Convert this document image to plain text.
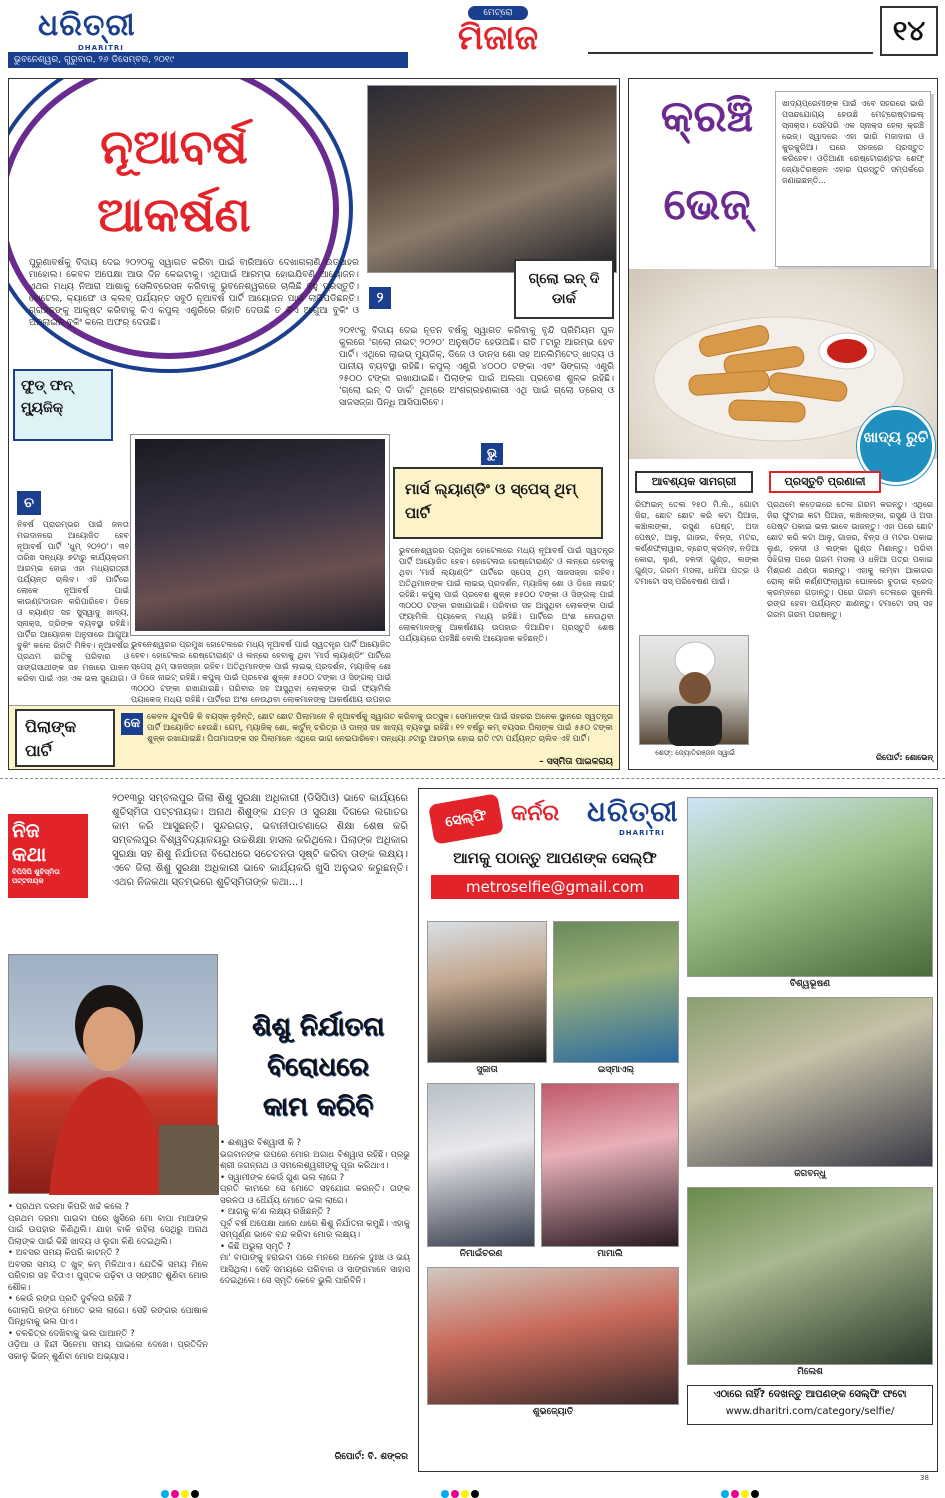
ଧରିତ୍ରୀ
DHARITRI
ଭୁବନେଶ୍ୱର, ଗୁରୁବାର, ୨୬ ଡିସେମ୍ବର, ୨୦୧୯
ମେଟ୍ରୋ
ମିଜାଜ	୧୪
ନୂଆବର୍ଷ
ଆକର୍ଷଣ
ପୁରୁଣାବର୍ଷକୁ ବିଦାୟ ଦେଇ ୨୦୨୦କୁ ସ୍ୱାଗତ କରିବା ପାଇଁ ବାରିଆଡେ ଦେଖାଗଲାଣି ଉତ୍ସାହର ମାହୋଲ। କେବଳ ଅପେକ୍ଷା ଆଉ ଦିନ କେଇଟାକୁ। ଏଥିପାଇଁ ଆରମ୍ଭ ହୋଇଯିବଣି ଆୟୋଜନ। ଏଥର ମଧ୍ୟ ନିଆରା ଆଶାକୁ ସେଲିବ୍ରେସନ କରିବାକୁ ଭୁବନେଶ୍ୱରରେ ଚାଲିଛି ବହୁ ପ୍ରସ୍ତୁତି। ହୋଟେଲ, କ୍ୟାଫେ ଓ କ୍ଲବ୍ ପର୍ଯ୍ୟନ୍ତ ସବୁଠି ନୂଆବର୍ଷ ପାର୍ଟି ଆୟୋଜନ ପାଇଁ ଲାଗିପଡିଛନ୍ତି। ଗ୍ରାହକଙ୍କୁ ଆକୃଷ୍ଟ କରିବାକୁ କିଏ କପୁଲ୍ ଏଣ୍ଟ୍ରିରେ ରିହାତି ଦେଉଛି ତ କିଏ ଆଗୁଆ ବୁକିଂ ଓ ଅନଲାଇନ୍ ବୁକିଂ କଲେ ଅଫର୍ ଦେଉଛି।
ଗ୍ଲୋ ଇନ୍ ଦି ଡାର୍କ
୨
୨୦୧୯କୁ ବିଦାୟ ଦେଇ ନୂତନ ବର୍ଷକୁ ସ୍ୱାଗତ କରିବାକୁ ବୃନ୍ଦି ପ୍ରିମିୟମ ପୁଳ କୁଲରେ 'ଗ୍ଲୋ ନାଇଟ୍ ୨୦୨୦' ଅନୁଷ୍ଠିତ ହେଉଅଛି। ରାତି ୮ଟାରୁ ଆରମ୍ଭ ହେବ ପାର୍ଟି। ଏଥିରେ ଲାଇଭ୍ ମ୍ୟୁଜିକ୍, ଡିଜେ ଓ ଡାନ୍ସ ଶୋ ସହ ଅନଲିମିଟେଡ୍ ଖାଦ୍ୟ ଓ ପାନୀୟ ବ୍ୟବସ୍ଥା ରହିଛି। କପୁଲ୍ ଏଣ୍ଟ୍ରି ୪୦୦୦ ଟଙ୍କା ଏବଂ ସିଙ୍ଗଲ୍ ଏଣ୍ଟ୍ରି ୨୫୦୦ ଟଙ୍କା ରଖାଯାଇଛି। ପିଲାଙ୍କ ପାଇଁ ଅଲଗା ପ୍ରବେଶ ଶୁଳ୍କ ରହିଛି। 'ଗ୍ଲୋ ଇନ୍ ଦି ଡାର୍କ' ଥିମ୍‌ରେ ଅଂଶଗ୍ରହଣକାରୀ ଏଥି ପାଇଁ ଗ୍ଲୋ ଡ୍ରେସ୍ ଓ ସାଜସଜ୍ଜା ପିନ୍ଧି ଆସିପାରିବେ।
ଫୁଡ୍ ଫନ୍ ମ୍ୟୁଜିକ୍
ମାର୍ସ ଲ୍ୟାଣ୍ଡିଂ ଓ ସ୍ପେସ୍ ଥିମ୍ ପାର୍ଟି
ଚ
ନିବର୍ଷ ପ୍ରାରମ୍ଭର ପାଇଁ ଜନତା ମଇଦାନରେ ଆୟୋଜିତ ହେବ ନୂଆବର୍ଷ ପାର୍ଟି 'ଧୁମ୍ ୨୦୨୦'। ୩୧ ତାରିଖ ସନ୍ଧ୍ୟା ୭ଟାରୁ କାର୍ଯ୍ୟକ୍ରମ ଆରମ୍ଭ ହୋଇ ଏହା ମଧ୍ୟରାତ୍ରୀ ପର୍ଯ୍ୟନ୍ତ ଚାଲିବ। ଏହି ପାର୍ଟିରେ ଲୋକେ ନୂଆବର୍ଷ ପାଇଁ କାଉଣ୍ଟଡାଉନ କରିପାରିବେ। ଡିଜେ ଓ ବ୍ୟାଣ୍ଡ ସହ ସୁସ୍ୱାଦୁ ଖାଦ୍ୟ, ସ୍ନାକ୍ସ, ଡ୍ରିଙ୍କ ବ୍ୟବସ୍ଥା ରହିଛି। ପାର୍ଟିର ଆୟୋଜକ ଅନୁସାରେ ଆଗୁଆ ବୁକିଂ କଲେ ରିହାତି ମିଳିବ। ନୂଆବର୍ଷର ପ୍ରଥମ ରାତିକୁ ପରିବାର ଓ ସାଙ୍ଗସାଥୀଙ୍କ ସହ ମଜାରେ ପାଳନ କରିବା ପାଇଁ ଏହା ଏକ ଭଲ ସୁଯୋଗ।
ଭୁ
ଭୁବନେଶ୍ୱରର ପ୍ରମୁଖ ହୋଟେଲରେ ମଧ୍ୟ ନୂଆବର୍ଷ ପାଇଁ ସ୍ୱତନ୍ତ୍ର ପାର୍ଟି ଆୟୋଜିତ ହେବ। ହୋଟେଲର ରେଷ୍ଟୋରାଣ୍ଟ ଓ ଲନ୍‌ରେ ହେବାକୁ ଥିବା 'ମାର୍ସ ଲ୍ୟାଣ୍ଡିଂ' ପାର୍ଟିରେ ସ୍ପେସ୍ ଥିମ୍ ସାଜସଜ୍ଜା ରହିବ। ଅତିଥିମାନଙ୍କ ପାଇଁ ଲାଇଭ୍ ପ୍ରଦର୍ଶନ, ମ୍ୟାଜିକ୍ ଶୋ ଓ ଡିଜେ ନାଇଟ୍ ରହିଛି। କପୁଲ୍ ପାଇଁ ପ୍ରବେଶ ଶୁଳ୍କ ୫୫୦୦ ଟଙ୍କା ଓ ସିଙ୍ଗଲ୍ ପାଇଁ ୩୦୦୦ ଟଙ୍କା ରଖାଯାଇଛି। ପରିବାର ସହ ଆସୁଥିବା ଲୋକଙ୍କ ପାଇଁ ଫ୍ୟାମିଲି ପ୍ୟାକେଜ୍ ମଧ୍ୟ ରହିଛି। ପାର୍ଟିରେ ଅଂଶ ନେଉଥିବା ଲୋକମାନଙ୍କୁ ଆକର୍ଷଣୀୟ ଉପହାର ଦିଆଯିବ। ପ୍ରସ୍ତୁତି ଶେଷ ପର୍ଯ୍ୟାୟରେ ପହଞ୍ଚିଛି ବୋଲି ଆୟୋଜକ କହିଛନ୍ତି।
ଭୁବନେଶ୍ୱରର ପ୍ରମୁଖ ହୋଟେଲରେ ମଧ୍ୟ ନୂଆବର୍ଷ ପାଇଁ ସ୍ୱତନ୍ତ୍ର ପାର୍ଟି ଆୟୋଜିତ ହେବ। ହୋଟେଲର ରେଷ୍ଟୋରାଣ୍ଟ ଓ ଲନ୍‌ରେ ହେବାକୁ ଥିବା 'ମାର୍ସ ଲ୍ୟାଣ୍ଡିଂ' ପାର୍ଟିରେ ସ୍ପେସ୍ ଥିମ୍ ସାଜସଜ୍ଜା ରହିବ। ଅତିଥିମାନଙ୍କ ପାଇଁ ଲାଇଭ୍ ପ୍ରଦର୍ଶନ, ମ୍ୟାଜିକ୍ ଶୋ ଓ ଡିଜେ ନାଇଟ୍ ରହିଛି। କପୁଲ୍ ପାଇଁ ପ୍ରବେଶ ଶୁଳ୍କ ୫୫୦୦ ଟଙ୍କା ଓ ସିଙ୍ଗଲ୍ ପାଇଁ ୩୦୦୦ ଟଙ୍କା ରଖାଯାଇଛି। ପରିବାର ସହ ଆସୁଥିବା ଲୋକଙ୍କ ପାଇଁ ଫ୍ୟାମିଲି ପ୍ୟାକେଜ୍ ମଧ୍ୟ ରହିଛି। ପାର୍ଟିରେ ଅଂଶ ନେଉଥିବା ଲୋକମାନଙ୍କୁ ଆକର୍ଷଣୀୟ ଉପହାର
ପିଲାଙ୍କ ପାର୍ଟି
କେ କେବଳ ଯୁବପିଢି କି ବୟସ୍କ ନୁହଁନ୍ତି, ଛୋଟ ଛୋଟ ପିଲାମାନେ ବି ନୂଆବର୍ଷକୁ ସ୍ୱାଗତ କରିବାକୁ ଉତ୍ସୁକ। ସେମାନଙ୍କ ପାଇଁ ସହରର ଅନେକ ସ୍ଥାନରେ ସ୍ୱତନ୍ତ୍ର ପାର୍ଟି ଆୟୋଜିତ ହେଉଛି। ଗେମ୍, ମ୍ୟାଜିକ୍ ଶୋ, କାର୍ଟୁନ୍ ଚରିତ୍ର ଓ ଡାନ୍ସ ସହ ଖାଦ୍ୟ ବ୍ୟବସ୍ଥା ରହିଛି। ୧୨ ବର୍ଷରୁ କମ୍ ବୟସର ପିଲାଙ୍କ ପାଇଁ ୫୫୦ ଟଙ୍କା ଶୁଳ୍କ ରଖାଯାଇଛି। ପିତାମାତାଙ୍କ ସହ ପିଲାମାନେ ଏଥିରେ ଭାଗ ନେଇପାରିବେ। ସନ୍ଧ୍ୟା ୬ଟାରୁ ଆରମ୍ଭ ହୋଇ ରାତି ୯ଟା ପର୍ଯ୍ୟନ୍ତ ଚାଲିବ ଏହି ପାର୍ଟି।
– ସସ୍ମିତା ପାଇକରାୟ
କ୍ରଞ୍ଚି
ଭେଜ୍
ଖାଦ୍ୟପ୍ରେମୀଙ୍କ ପାଇଁ ଏବେ ସହରରେ ଭାରି ପସନ୍ଦଯୋଗ୍ୟ ହେଉଛି ମେଟ୍ରୋଷ୍ଟାଇଲ୍ ସ୍ନାକ୍ସ। ସେହିପରି ଏକ ସ୍ନାକ୍ସ ହେଲା କ୍ରଞ୍ଚି ଭେଜ୍। ସ୍ୱାଦରେ ଏହା ଭାରି ମଜାଦାର ଓ କୁରକୁରିଆ। ଘରେ ସହଜରେ ପ୍ରସ୍ତୁତ କରିହେବ। ଓଡ଼ିଆଣୀ ରେଷ୍ଟୋରାଣ୍ଟର ଶେଫ୍ ଜ୍ୟୋତିରଞ୍ଜନ ଏହାର ପ୍ରସ୍ତୁତି ସମ୍ପର୍କରେ ଜଣାଇଛନ୍ତି...
ଖାଦ୍ୟ ରୁଚି
ଆବଶ୍ୟକ ସାମଗ୍ରୀ	ପ୍ରସ୍ତୁତି ପ୍ରଣାଳୀ
ରିଫାଇନ୍ ତେଲ ୨୫୦ ମି.ଲି., ଗୋଟା ଜିରା, ଛୋଟ ଛୋଟ କରି କଟା ପିଆଜ, କଞ୍ଚାଲଙ୍କା, ରସୁଣ ପେଷ୍ଟ, ଅଦା ପେଷ୍ଟ, ଆଳୁ, ଗାଜର, ବିନ୍ସ, ମଟର, କର୍ଣ୍ଣଫ୍ଲାୱାର, ବ୍ରେଡ୍ କ୍ରମ୍ବ, ନଡ଼ିଆ କୋରା, ଲୁଣ, ହଳଦୀ ଗୁଣ୍ଡ, ଲଙ୍କା ଗୁଣ୍ଡ, ଗରମ ମସଲା, ଧନିଆ ପତ୍ର ଓ ଟମାଟୋ ସସ୍ ପରିବେଷଣ ପାଇଁ।
ଶେଫ୍: ଜ୍ୟୋତିରଞ୍ଜନ ସ୍ୱାଇଁ
ପ୍ରଥମେ କଡ଼େଇରେ ତେଲ ଗରମ କରନ୍ତୁ। ଏଥିରେ ଜିରା ଫୁଟାଇ କଟା ପିଆଜ, କଞ୍ଚାଲଙ୍କା, ରସୁଣ ଓ ଅଦା ପେଷ୍ଟ ପକାଇ ଭଲ ଭାବେ ଭାଜନ୍ତୁ। ଏହା ପରେ ଛୋଟ ଛୋଟ କରି କଟା ଆଳୁ, ଗାଜର, ବିନ୍ସ ଓ ମଟର ପକାଇ ଲୁଣ, ହଳଦୀ ଓ ଲଙ୍କା ଗୁଣ୍ଡ ମିଶାନ୍ତୁ। ପରିବା ସିଝିଗଲା ପରେ ଗରମ ମସଲା ଓ ଧନିଆ ପତ୍ର ପକାଇ ମିଶ୍ରଣ ଥଣ୍ଡା କରନ୍ତୁ। ଏହାକୁ ଲମ୍ବା ଆକାରର ରୋଲ୍ କରି କର୍ଣ୍ଣଫ୍ଲାୱାର ଘୋଳରେ ବୁଡ଼ାଇ ବ୍ରେଡ୍ କ୍ରମ୍ବରେ ଗଡ଼ାନ୍ତୁ। ପରେ ଗରମ ତେଲରେ ସୁନେଲି ରଙ୍ଗ ହେବା ପର୍ଯ୍ୟନ୍ତ ଛାଣନ୍ତୁ। ଟମାଟୋ ସସ୍ ସହ ଗରମ ଗରମ ପରଷନ୍ତୁ।
ରିପୋର୍ଟ: ଶୋଭେନ୍
ନିଜ
କଥା
ବିପିସିପି ଶୁଚିସ୍ମିତା ପଟ୍ଟନାୟକ
୨୦୧୩ରୁ ସମ୍ବଲପୁର ଜିଲା ଶିଶୁ ସୁରକ୍ଷା ଅଧିକାରୀ (ଡିସିପିଓ) ଭାବେ କାର୍ଯ୍ୟରେ ଶୁଚିସ୍ମିତା ପଟ୍ଟନାୟକ। ଅନାଥ ଶିଶୁଙ୍କ ଯତ୍ନ ଓ ସୁରକ୍ଷା ଦିଗରେ ଲଗାତର କାମ କରି ଆସୁଛନ୍ତି। ସୁନ୍ଦରଗଡ଼, ଭବାନୀପାଟଣାରେ ଶିକ୍ଷା ଶେଷ କରି ସମ୍ବଲପୁର ବିଶ୍ୱବିଦ୍ୟାଳୟରୁ ଉଚ୍ଚଶିକ୍ଷା ହାସଲ କରିଥିଲେ। ପିଲାଙ୍କ ଅଧିକାର ସୁରକ୍ଷା ସହ ଶିଶୁ ନିର୍ଯାତନା ବିରୋଧରେ ସଚେତନତା ସୃଷ୍ଟି କରିବା ତାଙ୍କ ଲକ୍ଷ୍ୟ। ଏବେ ଜିଲା ଶିଶୁ ସୁରକ୍ଷା ଅଧିକାରୀ ଭାବେ କାର୍ଯ୍ୟକରି ଖୁସି ଅନୁଭବ କରୁଛନ୍ତି। ଏଥର ନିଜକଥା ସ୍ତମ୍ଭରେ ଶୁଚିସ୍ମିତାଙ୍କ କଥା...।
ଶିଶୁ ନିର୍ଯାତନା
ବିରୋଧରେ
କାମ କରିବି
• ପ୍ରଥମ ଦରମା କିପରି ଖର୍ଚ୍ଚ କଲେ ?
ପ୍ରଥମ ଦରମା ପାଇବା ପରେ ଖୁସିରେ ମୋ ବାପା ମାଆଙ୍କ ପାଇଁ ଉପହାର କିଣିଥିଲି। ଯାହା ବାକି ରହିଲା ସେଥିରୁ ଅନାଥ ପିଲାଙ୍କ ପାଇଁ କିଛି ଖାଦ୍ୟ ଓ ଲୁଗା କିଣି ଦେଇଥିଲି।
• ଅବସର ସମୟ କିପରି କାଟନ୍ତି ?
ଅବସର ସମୟ ତ ଖୁବ୍ କମ୍ ମିଳିଥାଏ। ଯେତିକି ସମୟ ମିଳେ ପରିବାର ସହ ବିତାଏ। ପୁସ୍ତକ ପଢ଼ିବା ଓ ସଙ୍ଗୀତ ଶୁଣିବା ମୋର ଶୌକ।
• କେଉଁ ରଙ୍ଗ ପ୍ରତି ଦୁର୍ବଳତା ରହିଛି ?
ଗୋଲାପି ରଙ୍ଗ ମୋତେ ଭଲ ଲାଗେ। ସେହି ରଙ୍ଗର ପୋଷାକ ପିନ୍ଧିବାକୁ ଭଲ ପାଏ।
• ଚଳଚ୍ଚିତ୍ର ଦେଖିବାକୁ ଭଲ ପାଆନ୍ତି ?
ଓଡ଼ିଆ ଓ ହିନ୍ଦୀ ସିନେମା ସମୟ ପାଇଲେ ଦେଖେ। ପ୍ରତିଦିନ ସକାଳୁ ଭିଜନ୍ ଶୁଣିବା ମୋର ଅଭ୍ୟାସ।
• ଈଶ୍ୱର ବିଶ୍ୱାସୀ କି ?
ଭଗବାନଙ୍କ ଉପରେ ମୋର ଅଗାଧ ବିଶ୍ୱାସ ରହିଛି। ପ୍ରଭୁ ଶ୍ରୀ ଜଗନ୍ନାଥ ଓ ସମଲେଶ୍ୱରୀଙ୍କୁ ପୂଜା କରିଥାଏ।
• ସ୍ୱାମୀଙ୍କ କେଉଁ ଗୁଣ ଭଲ ଲାଗେ ?
ପ୍ରତି କାମରେ ସେ ମୋତେ ସହଯୋଗ କରନ୍ତି। ତାଙ୍କ ସରଳତା ଓ ଧୈର୍ଯ୍ୟ ମୋତେ ଭଲ ଲାଗେ।
• ଆଗକୁ କ'ଣ ଲକ୍ଷ୍ୟ ରଖିଛନ୍ତି ?
ପୂର୍ବ ବର୍ଷ ଅପେକ୍ଷା ଧାରେ ଧାରେ ଶିଶୁ ନିର୍ଯାତନା କମୁଛି। ଏହାକୁ ସମ୍ପୂର୍ଣ୍ଣ ଭାବେ ବନ୍ଦ କରିବା ମୋର ଲକ୍ଷ୍ୟ।
• କିଛି ଅଭୁଲା ସ୍ମୃତି ?
ମା' ବାପାଙ୍କୁ ହରାଇବା ପରେ ମନରେ ଅନେକ ଦୁଃଖ ଓ ଭୟ ଆସିଥିଲା। ସେହି ସମୟରେ ପରିବାର ଓ ସାଙ୍ଗମାନେ ସାହାସ ଦେଇଥିଲେ। ସେ ସ୍ମୃତି କେବେ ଭୁଲି ପାରିବିନି।
ରିପୋର୍ଟ: ବି. ଶଙ୍କର
ସେଲ୍ଫି	କର୍ନର ଧରିତ୍ରୀ
DHARITRI
ଆମକୁ ପଠାନ୍ତୁ ଆପଣଙ୍କ ସେଲ୍ଫି
metroselfie@gmail.com
ବିଶ୍ୱଭୂଷଣ
ସୁଜାତା	ଇସ୍ମାଏଲ୍
ଜଗବନ୍ଧୁ
ନିମାଇଁଚରଣ	ମାମାଲି
ମିଲେଶ
ଶୁଭଜ୍ୟୋତି
ଏଠାରେ ନାହିଁ? ଦେଖନ୍ତୁ ଆପଣଙ୍କ ସେଲ୍ଫି ଫଟୋ
www.dharitri.com/category/selfie/
38
